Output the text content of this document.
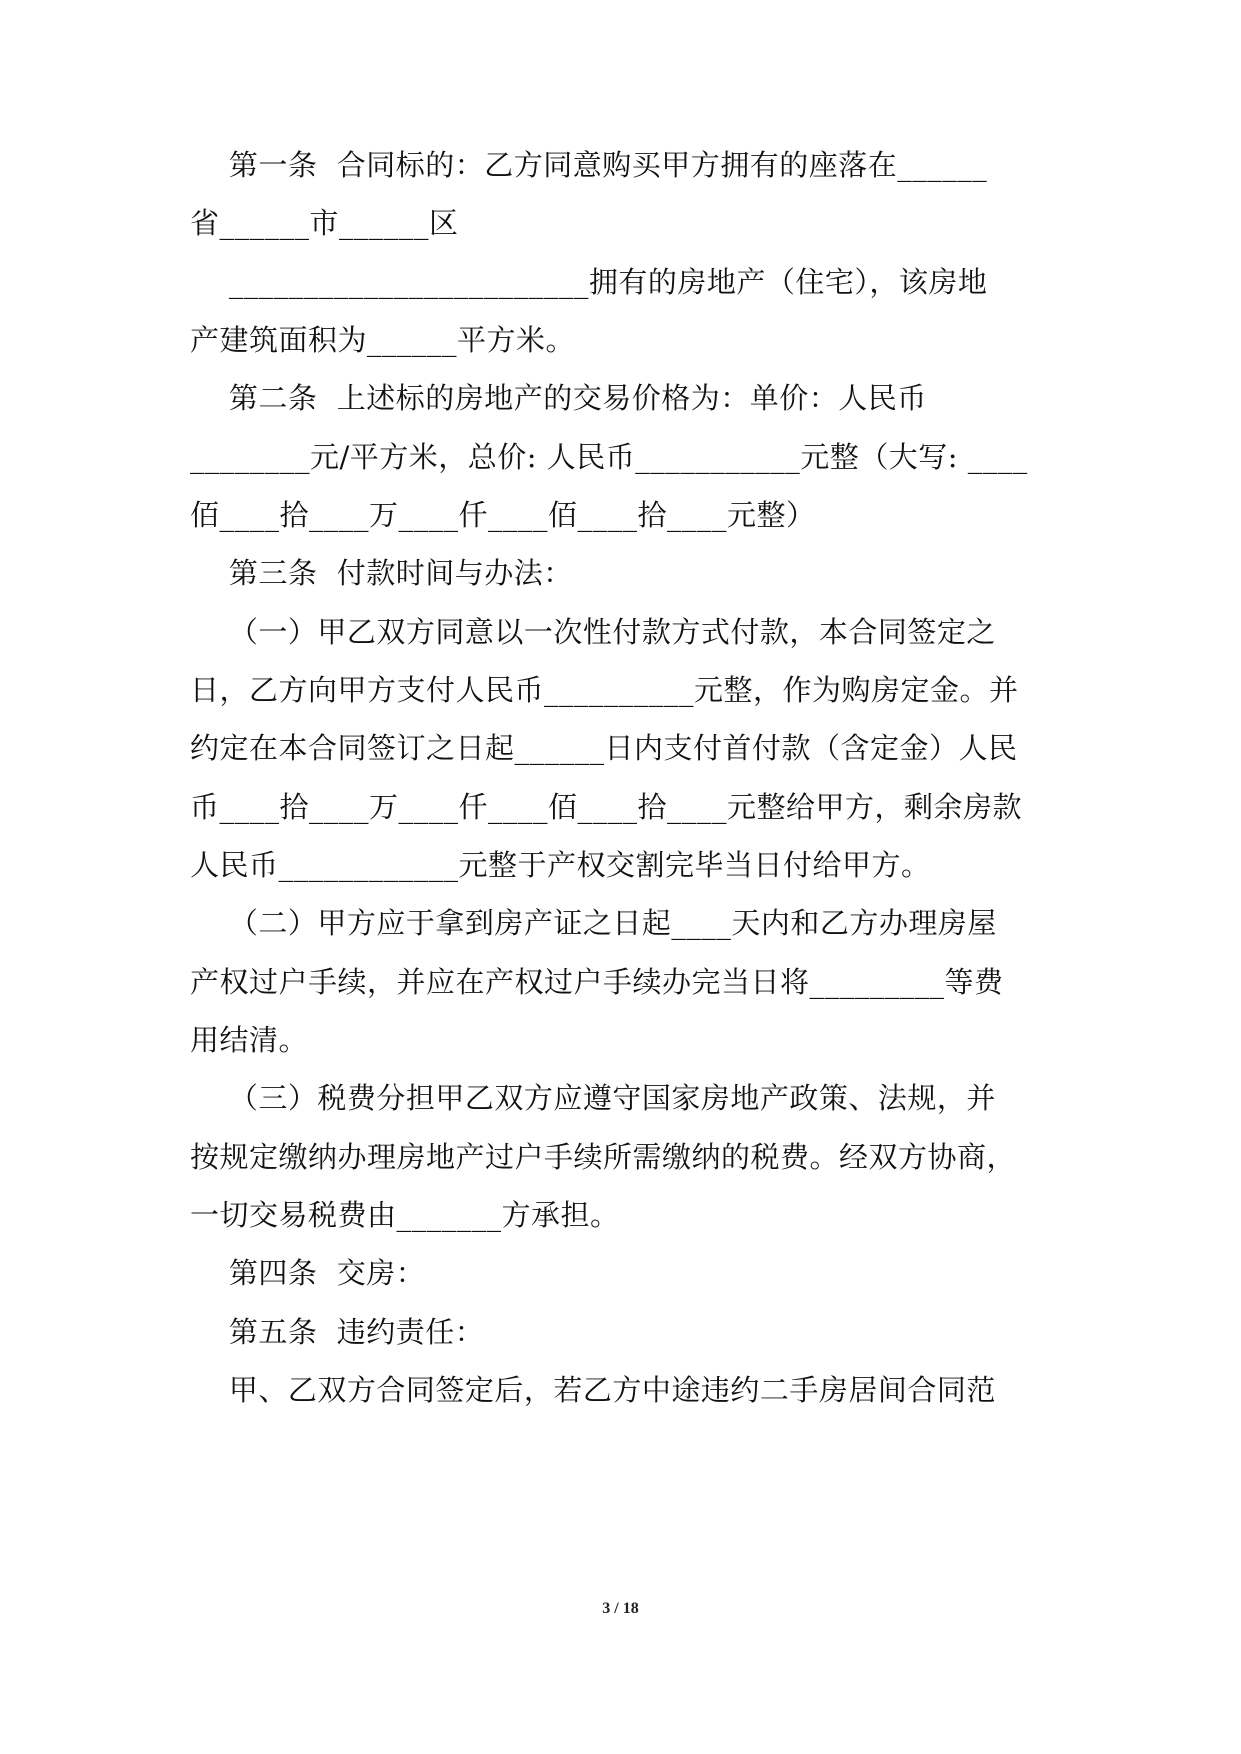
第一条  合同标的：乙方同意购买甲方拥有的座落在______
省______市______区
________________________拥有的房地产（住宅），该房地
产建筑面积为______平方米。
第二条  上述标的房地产的交易价格为：单价：人民币
________元/平方米，总价: 人民币___________元整（大写: ____
佰____拾____万____仟____佰____拾____元整）
第三条  付款时间与办法：
（一）甲乙双方同意以一次性付款方式付款，本合同签定之
日，乙方向甲方支付人民币__________元整，作为购房定金。并
约定在本合同签订之日起______日内支付首付款（含定金）人民
币____拾____万____仟____佰____拾____元整给甲方，剩余房款
人民币____________元整于产权交割完毕当日付给甲方。
（二）甲方应于拿到房产证之日起____天内和乙方办理房屋
产权过户手续，并应在产权过户手续办完当日将_________等费
用结清。
（三）税费分担甲乙双方应遵守国家房地产政策、法规，并
按规定缴纳办理房地产过户手续所需缴纳的税费。经双方协商，
一切交易税费由_______方承担。
第四条  交房：
第五条  违约责任：
甲、乙双方合同签定后，若乙方中途违约二手房居间合同范
3 / 18
